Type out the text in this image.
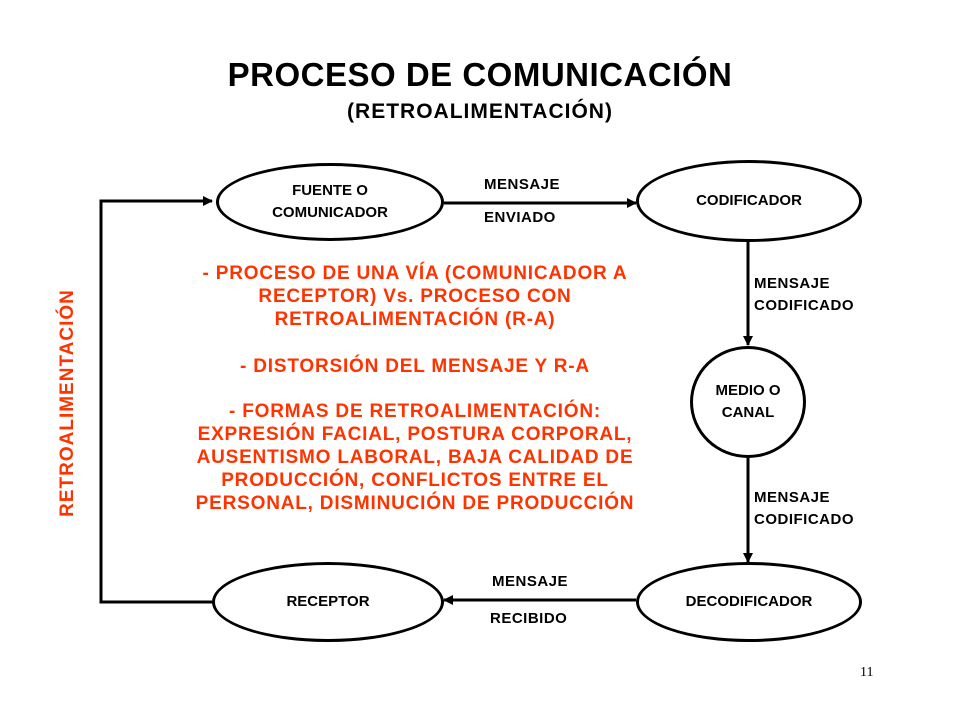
PROCESO DE COMUNICACIÓN
(RETROALIMENTACIÓN)
FUENTE O
COMUNICADOR
CODIFICADOR
MEDIO O
CANAL
DECODIFICADOR
RECEPTOR
MENSAJE
ENVIADO
MENSAJE
CODIFICADO
MENSAJE
CODIFICADO
MENSAJE
RECIBIDO
RETROALIMENTACIÓN
- PROCESO DE UNA VÍA (COMUNICADOR A
RECEPTOR) Vs. PROCESO CON
RETROALIMENTACIÓN (R-A)
- DISTORSIÓN DEL MENSAJE Y R-A
- FORMAS DE RETROALIMENTACIÓN:
EXPRESIÓN FACIAL, POSTURA CORPORAL,
AUSENTISMO LABORAL, BAJA CALIDAD DE
PRODUCCIÓN, CONFLICTOS ENTRE EL
PERSONAL, DISMINUCIÓN DE PRODUCCIÓN
11
